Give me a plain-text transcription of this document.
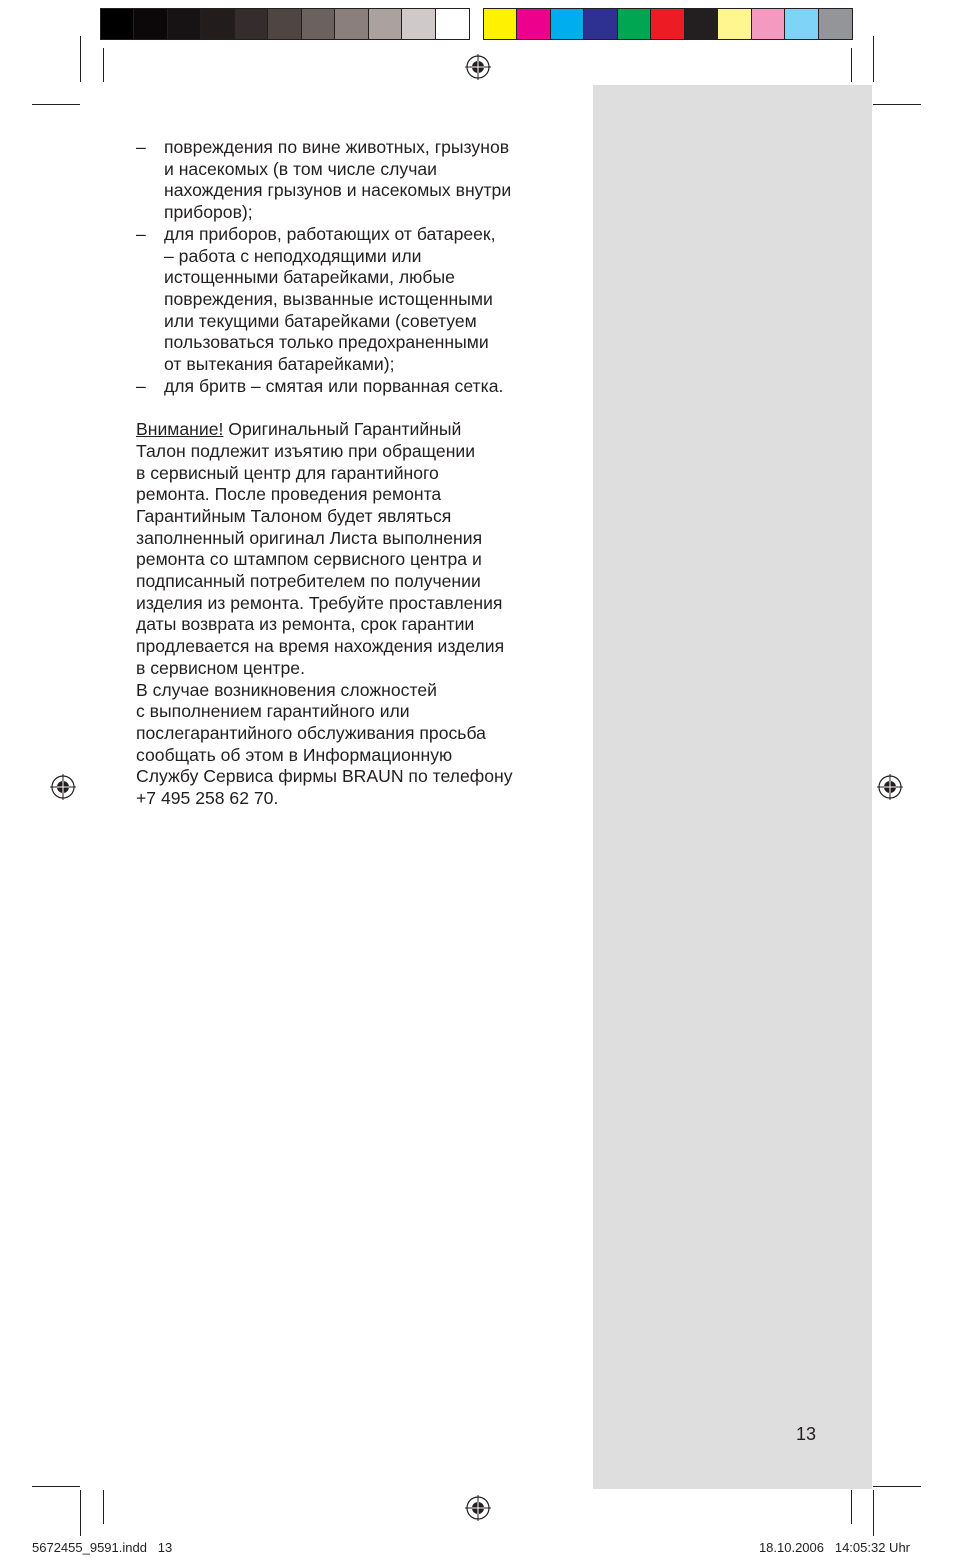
– повреждения по вине животных, грызунов
и насекомых (в том числе случаи
нахождения грызунов и насекомых внутри
приборов);
– для приборов, работающих от батареек,
– работа с неподходящими или
истощенными батарейками, любые
повреждения, вызванные истощенными
или текущими батарейками (советуем
пользоваться только предохраненными
от вытекания батарейками);
– для бритв – смятая или порванная сетка.

Внимание! Оригинальный Гарантийный
Талон подлежит изъятию при обращении
в сервисный центр для гарантийного
ремонта. После проведения ремонта
Гарантийным Талоном будет являться
заполненный оригинал Листа выполнения
ремонта со штампом сервисного центра и
подписанный потребителем по получении
изделия из ремонта. Требуйте проставления
даты возврата из ремонта, срок гарантии
продлевается на время нахождения изделия
в сервисном центре.

В случае возникновения сложностей
с выполнением гарантийного или
послегарантийного обслуживания просьба
сообщать об этом в Информационную
Службу Сервиса фирмы BRAUN по телефону
+7 495 258 62 70.

13
5672455_9591.indd   13	18.10.2006   14:05:32 Uhr
